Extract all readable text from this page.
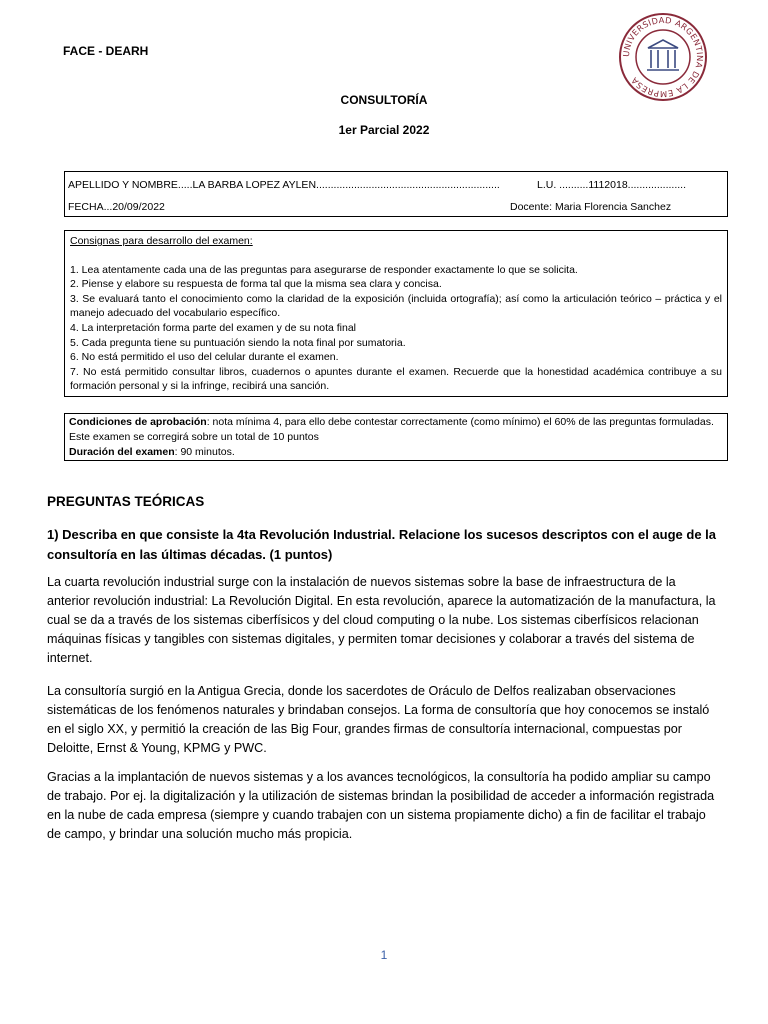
FACE - DEARH	UNIVERSIDAD ARGENTINA DE LA EMPRESA
CONSULTORÍA
1er Parcial 2022
APELLIDO Y NOMBRE.....LA BARBA LOPEZ AYLEN...............................................................	L.U. ..........1112018....................
FECHA...20/09/2022	Docente: Maria Florencia Sanchez

Consignas para desarrollo del examen:

1. Lea atentamente cada una de las preguntas para asegurarse de responder exactamente lo que se solicita.

2. Piense y elabore su respuesta de forma tal que la misma sea clara y concisa.

3. Se evaluará tanto el conocimiento como la claridad de la exposición (incluida ortografía); así como la articulación teórico – práctica y el manejo adecuado del vocabulario específico.

4. La interpretación forma parte del examen y de su nota final

5. Cada pregunta tiene su puntuación siendo la nota final por sumatoria.

6. No está permitido el uso del celular durante el examen.

7. No está permitido consultar libros, cuadernos o apuntes durante el examen. Recuerde que la honestidad académica contribuye a su formación personal y si la infringe, recibirá una sanción.

Condiciones de aprobación: nota mínima 4, para ello debe contestar correctamente (como mínimo) el 60% de las preguntas formuladas. Este examen se corregirá sobre un total de 10 puntos

Duración del examen: 90 minutos.

PREGUNTAS TEÓRICAS
1) Describa en que consiste la 4ta Revolución Industrial. Relacione los sucesos descriptos con el auge de la consultoría en las últimas décadas. (1 puntos)
La cuarta revolución industrial surge con la instalación de nuevos sistemas sobre la base de infraestructura de la anterior revolución industrial: La Revolución Digital. En esta revolución, aparece la automatización de la manufactura, la cual se da a través de los sistemas ciberfísicos y del cloud computing o la nube. Los sistemas ciberfísicos relacionan máquinas físicas y tangibles con sistemas digitales, y permiten tomar decisiones y colaborar a través del sistema de internet.
La consultoría surgió en la Antigua Grecia, donde los sacerdotes de Oráculo de Delfos realizaban observaciones sistemáticas de los fenómenos naturales y brindaban consejos. La forma de consultoría que hoy conocemos se instaló en el siglo XX, y permitió la creación de las Big Four, grandes firmas de consultoría internacional, compuestas por Deloitte, Ernst & Young, KPMG y PWC.
Gracias a la implantación de nuevos sistemas y a los avances tecnológicos, la consultoría ha podido ampliar su campo de trabajo. Por ej. la digitalización y la utilización de sistemas brindan la posibilidad de acceder a información registrada en la nube de cada empresa (siempre y cuando trabajen con un sistema propiamente dicho) a fin de facilitar el trabajo de campo, y brindar una solución mucho más propicia.
1
